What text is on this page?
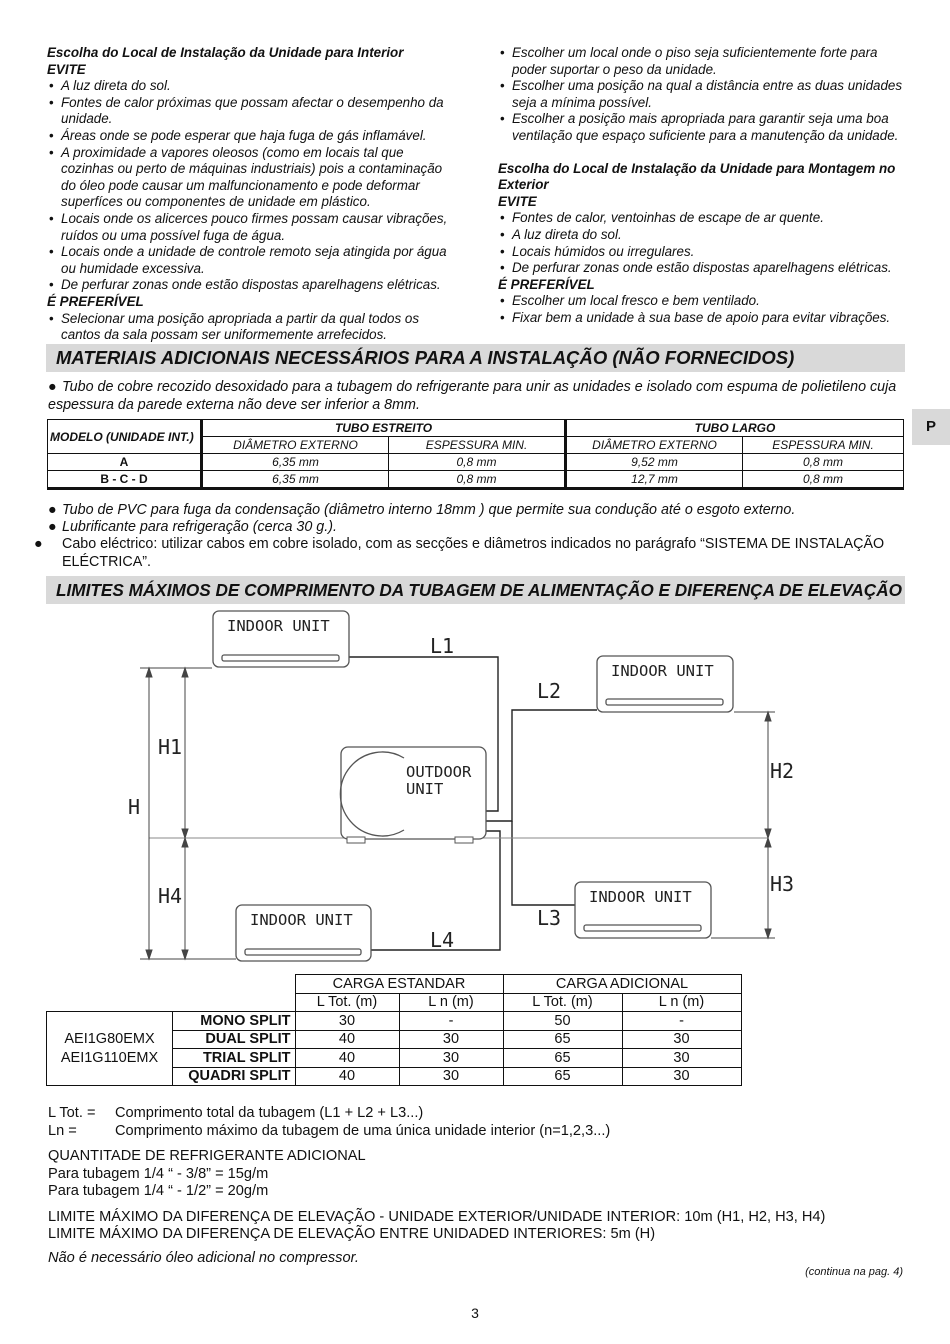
Escolha do Local de Instalação da Unidade para Interior

EVITE

• A luz direta do sol.
• Fontes de calor próximas que possam afectar o desempenho da unidade.
• Áreas onde se pode esperar que haja fuga de gás inflamável.
• A proximidade a vapores oleosos (como em locais tal que cozinhas ou perto de máquinas industriais) pois a contaminação do óleo pode causar um malfuncionamento e pode deformar superfíces ou componentes de unidade em plástico.
• Locais onde os alicerces pouco firmes possam causar vibrações, ruídos ou uma possível fuga de água.
• Locais onde a unidade de controle remoto seja atingida por água ou humidade excessiva.
• De perfurar zonas onde estão dispostas aparelhagens elétricas.

É PREFERÍVEL

• Selecionar uma posição apropriada a partir da qual todos os cantos da sala possam ser uniformemente arrefecidos.
• Escolher um local onde o piso seja suficientemente forte para poder suportar o peso da unidade.
• Escolher uma posição na qual a distância entre as duas unidades seja a mínima possível.
• Escolher a posição mais apropriada para garantir seja uma boa ventilação que espaço suficiente para a manutenção da unidade.

Escolha do Local de Instalação da Unidade para Montagem no Exterior

EVITE

• Fontes de calor, ventoinhas de escape de ar quente.
• A luz direta do sol.
• Locais húmidos ou irregulares.
• De perfurar zonas onde estão dispostas aparelhagens elétricas.

É PREFERÍVEL

• Escolher um local fresco e bem ventilado.
• Fixar bem a unidade à sua base de apoio para evitar vibrações.
P
MATERIAIS ADICIONAIS NECESSÁRIOS PARA A INSTALAÇÃO (NÃO FORNECIDOS)
● Tubo de cobre recozido desoxidado para a tubagem do refrigerante para unir as unidades e isolado com espuma de polietileno cuja espessura da parede externa não deve ser inferior a 8mm.
MODELO (UNIDADE INT.)	TUBO ESTREITO		TUBO LARGO	
	DIÂMETRO EXTERNO	ESPESSURA MIN.	DIÂMETRO EXTERNO	ESPESSURA MIN.
A	6,35 mm	0,8 mm	9,52 mm	0,8 mm
B - C - D	6,35 mm	0,8 mm	12,7 mm	0,8 mm
● Tubo de PVC para fuga da condensação (diâmetro interno 18mm ) que permite sua condução até o esgoto externo.
● Lubrificante para refrigeração (cerca 30 g.).
● Cabo eléctrico: utilizar cabos em cobre isolado, com as secções e diâmetros indicados no parágrafo “SISTEMA DE INSTALAÇÃO ELÉCTRICA”.
LIMITES MÁXIMOS DE COMPRIMENTO DA TUBAGEM DE ALIMENTAÇÃO E DIFERENÇA DE ELEVAÇÃO
INDOOR UNIT
INDOOR UNIT
INDOOR UNIT
INDOOR UNIT
OUTDOOR
UNIT
L1
L2
L3
L4
H
H1
H2
H3
H4
		CARGA ESTANDAR		CARGA ADICIONAL	
		L Tot. (m)	L n (m)	L Tot. (m)	L n (m)

AEI1G80EMX
AEI1G110EMX	MONO SPLIT	30	-	50	-
	DUAL SPLIT	40	30	65	30
	TRIAL SPLIT	40	30	65	30
	QUADRI SPLIT	40	30	65	30
L Tot. = Comprimento total da tubagem (L1 + L2 + L3...)
Ln =	Comprimento máximo da tubagem de uma única unidade interior (n=1,2,3...)
QUANTITADE DE REFRIGERANTE ADICIONAL
Para tubagem 1/4 “ - 3/8” = 15g/m
Para tubagem 1/4 “ - 1/2” = 20g/m
LIMITE MÁXIMO DA DIFERENÇA DE ELEVAÇÃO - UNIDADE EXTERIOR/UNIDADE INTERIOR: 10m (H1, H2, H3, H4)
LIMITE MÁXIMO DA DIFERENÇA DE ELEVAÇÃO ENTRE UNIDADED INTERIORES: 5m (H)
Não é necessário óleo adicional no compressor.
(continua na pag. 4)
3
